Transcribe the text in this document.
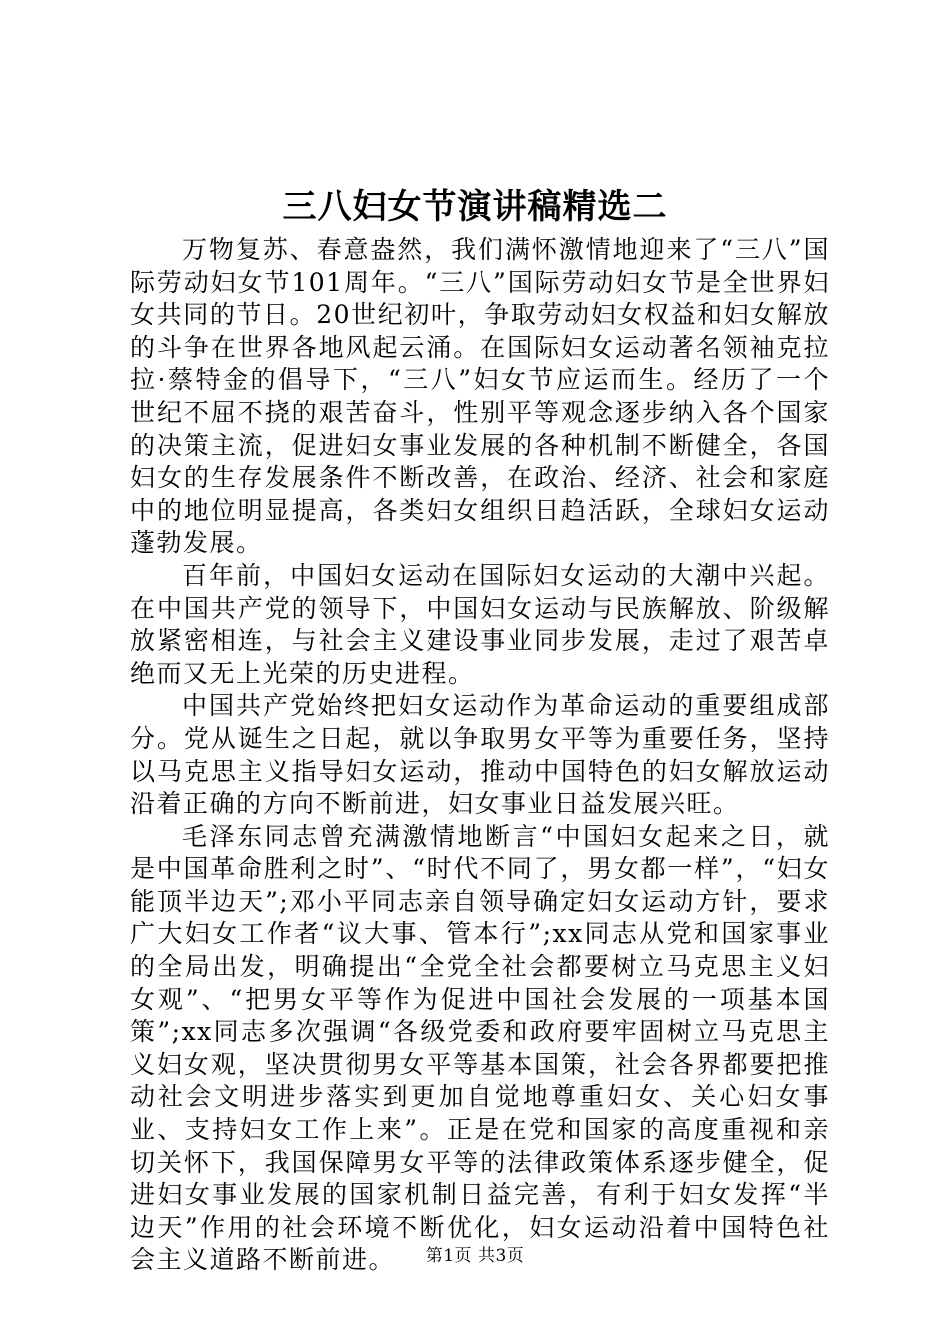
三八妇女节演讲稿精选二

万物复苏、春意盎然，我们满怀激情地迎来了“三八”国际劳动妇女节101周年。“三八”国际劳动妇女节是全世界妇女共同的节日。20世纪初叶，争取劳动妇女权益和妇女解放的斗争在世界各地风起云涌。在国际妇女运动著名领袖克拉拉·蔡特金的倡导下，“三八”妇女节应运而生。经历了一个世纪不屈不挠的艰苦奋斗，性别平等观念逐步纳入各个国家的决策主流，促进妇女事业发展的各种机制不断健全，各国妇女的生存发展条件不断改善，在政治、经济、社会和家庭中的地位明显提高，各类妇女组织日趋活跃，全球妇女运动蓬勃发展。

百年前，中国妇女运动在国际妇女运动的大潮中兴起。在中国共产党的领导下，中国妇女运动与民族解放、阶级解放紧密相连，与社会主义建设事业同步发展，走过了艰苦卓绝而又无上光荣的历史进程。

中国共产党始终把妇女运动作为革命运动的重要组成部分。党从诞生之日起，就以争取男女平等为重要任务，坚持以马克思主义指导妇女运动，推动中国特色的妇女解放运动沿着正确的方向不断前进，妇女事业日益发展兴旺。

毛泽东同志曾充满激情地断言“中国妇女起来之日，就是中国革命胜利之时”、“时代不同了，男女都一样”，“妇女能顶半边天”;邓小平同志亲自领导确定妇女运动方针，要求广大妇女工作者“议大事、管本行”;xx同志从党和国家事业的全局出发，明确提出“全党全社会都要树立马克思主义妇女观”、“把男女平等作为促进中国社会发展的一项基本国策”;xx同志多次强调“各级党委和政府要牢固树立马克思主义妇女观，坚决贯彻男女平等基本国策，社会各界都要把推动社会文明进步落实到更加自觉地尊重妇女、关心妇女事业、支持妇女工作上来”。正是在党和国家的高度重视和亲切关怀下，我国保障男女平等的法律政策体系逐步健全，促进妇女事业发展的国家机制日益完善，有利于妇女发挥“半边天”作用的社会环境不断优化，妇女运动沿着中国特色社会主义道路不断前进。	第1页 共3页
